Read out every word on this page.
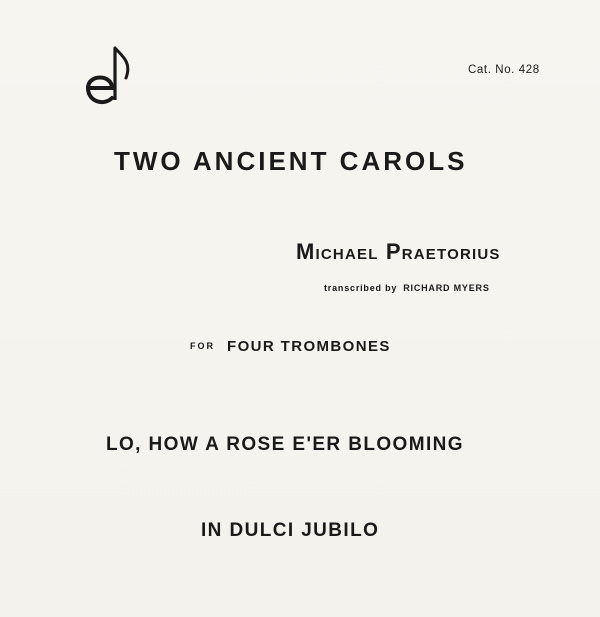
Cat. No. 428
TWO ANCIENT CAROLS
Michael Praetorius
transcribed by RICHARD MYERS
FOR FOUR TROMBONES
LO, HOW A ROSE E'ER BLOOMING
IN DULCI JUBILO
